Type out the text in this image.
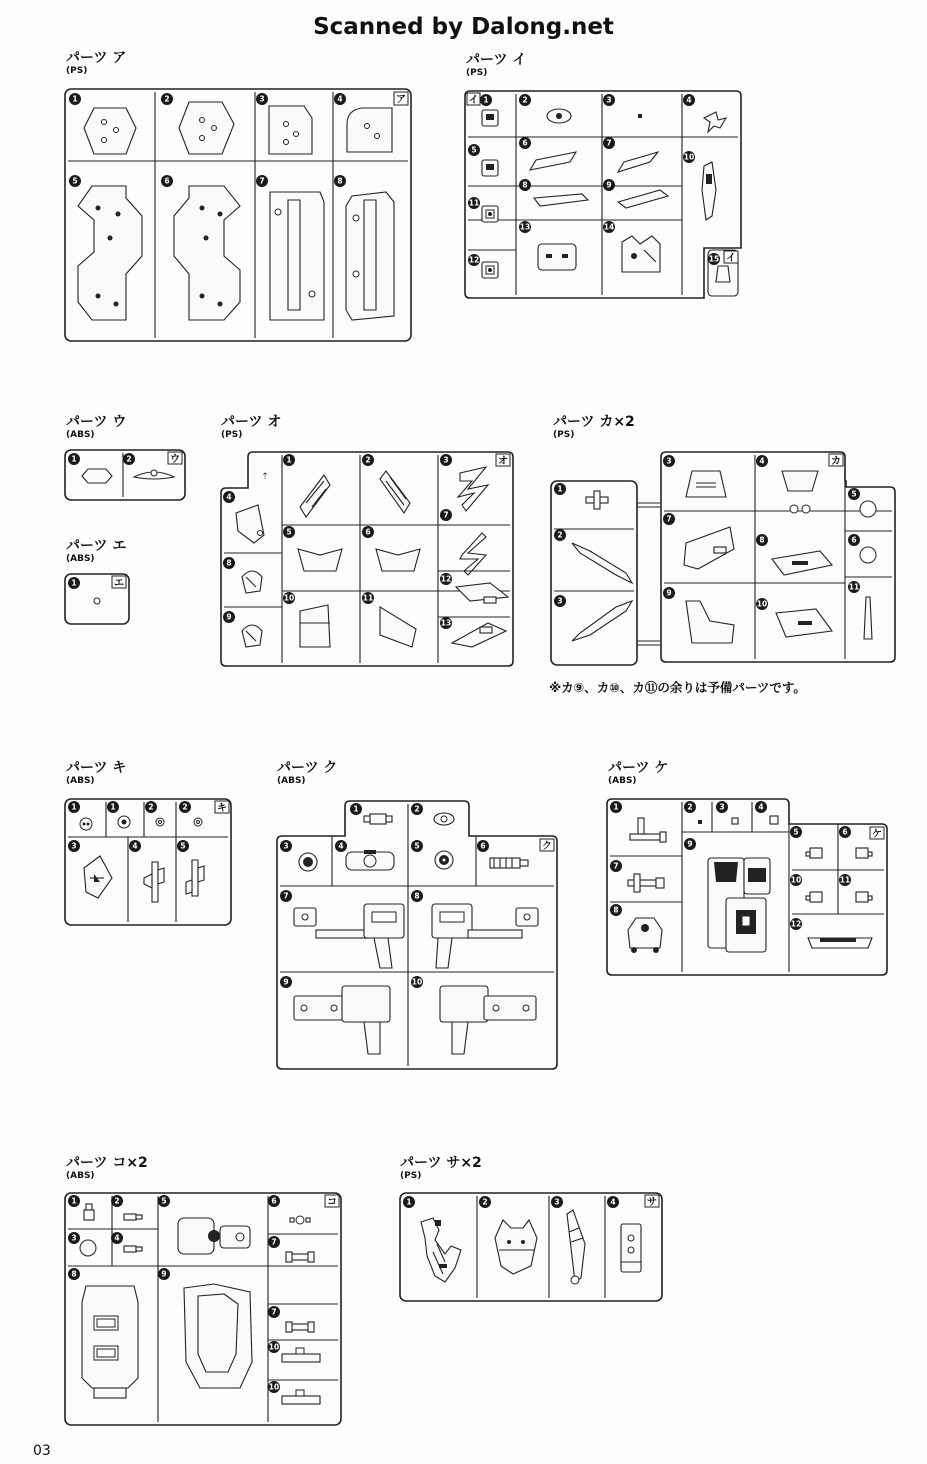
Scanned by Dalong.net
パーツ ア
(PS)
パーツ イ
(PS)
パーツ ウ
(ABS)
パーツ エ
(ABS)
パーツ オ
(PS)
パーツ カ×2
(PS)
パーツ キ
(ABS)
パーツ ク
(ABS)
パーツ ケ
(ABS)
パーツ コ×2
(ABS)
パーツ サ×2
(PS)
※カ⑨、カ⑩、カ⑪の余りは予備パーツです。
03
1	2	3	4
5	6	7	8
ア	イ 1	2	3	4
5
6	7
8	9
10
11
12
13	14
15 イ
1	2	ウ
1	エ
⇡
1	2	3
4
5	6
7
8
9
10	11
12
13
オ
1
2
3
3	4
5
6
7
8
9
10
11
カ
1	1	2	2
3	4	5
キ	1	2
3	4	5	6
7	8
9	10
ク
1	2	3	4
5	6
7
8
9
10	11
12
ケ
1	2
3	4
5	6
7
7
8	9
10
10
コ	1	2	3	4	サ
